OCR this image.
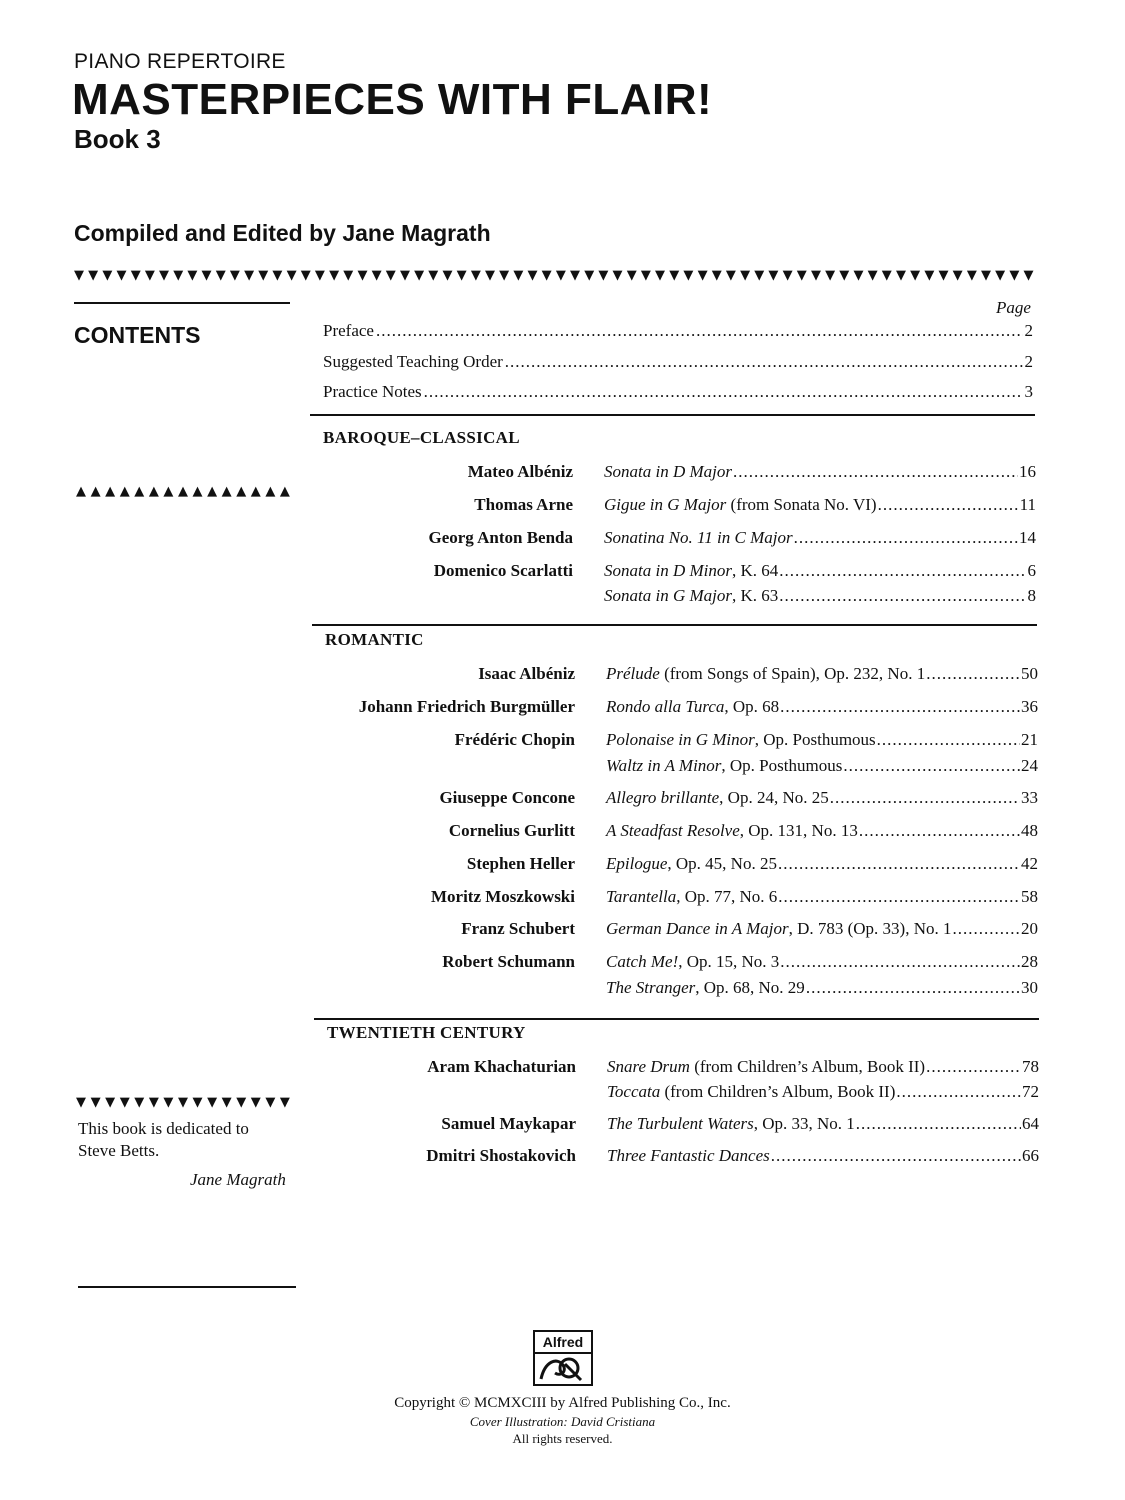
PIANO REPERTOIRE
MASTERPIECES WITH FLAIR!
Book 3
Compiled and Edited by Jane Magrath
▼ ▼ ▼ ▼ ▼ ▼ ▼ ▼ ▼ ▼ ▼ ▼ ▼ ▼ ▼ ▼ ▼ ▼ ▼ ▼ ▼ ▼ ▼ ▼ ▼ ▼ ▼ ▼ ▼ ▼ ▼ ▼ ▼ ▼ ▼ ▼ ▼ ▼ ▼ ▼ ▼ ▼ ▼ ▼ ▼ ▼ ▼ ▼ ▼ ▼ ▼ ▼ ▼ ▼ ▼ ▼ ▼ ▼ ▼ ▼ ▼ ▼ ▼ ▼ ▼ ▼ ▼ ▼
CONTENTS
▲ ▲ ▲ ▲ ▲ ▲ ▲ ▲ ▲ ▲ ▲ ▲ ▲ ▲ ▲
▼ ▼ ▼ ▼ ▼ ▼ ▼ ▼ ▼ ▼ ▼ ▼ ▼ ▼ ▼
This book is dedicated to
Steve Betts.
Jane Magrath
Page
Preface .....	2
Suggested Teaching Order .....	2
Practice Notes .....	3
BAROQUE–CLASSICAL
Mateo Albéniz Sonata in D Major .....	16
Thomas Arne Gigue in G Major (from Sonata No. VI) .....	11
Georg Anton Benda Sonatina No. 11 in C Major .....	14
Domenico Scarlatti Sonata in D Minor, K. 64 .....	6
Sonata in G Major, K. 63 .....	8
ROMANTIC
Isaac Albéniz Prélude (from Songs of Spain), Op. 232, No. 1 .....	50
Johann Friedrich Burgmüller Rondo alla Turca, Op. 68 .....	36
Frédéric Chopin Polonaise in G Minor, Op. Posthumous .....	21
Waltz in A Minor, Op. Posthumous .....	24
Giuseppe Concone Allegro brillante, Op. 24, No. 25 .....	33
Cornelius Gurlitt A Steadfast Resolve, Op. 131, No. 13 .....	48
Stephen Heller Epilogue, Op. 45, No. 25 .....	42
Moritz Moszkowski Tarantella, Op. 77, No. 6 .....	58
Franz Schubert German Dance in A Major, D. 783 (Op. 33), No. 1 .....	20
Robert Schumann Catch Me!, Op. 15, No. 3 .....	28
The Stranger, Op. 68, No. 29 .....	30
TWENTIETH CENTURY
Aram Khachaturian Snare Drum (from Children’s Album, Book II) .....	78
Toccata (from Children’s Album, Book II) .....	72
Samuel Maykapar The Turbulent Waters, Op. 33, No. 1 .....	64
Dmitri Shostakovich Three Fantastic Dances .....	66
Alfred
Copyright © MCMXCIII by Alfred Publishing Co., Inc.
Cover Illustration: David Cristiana
All rights reserved.
